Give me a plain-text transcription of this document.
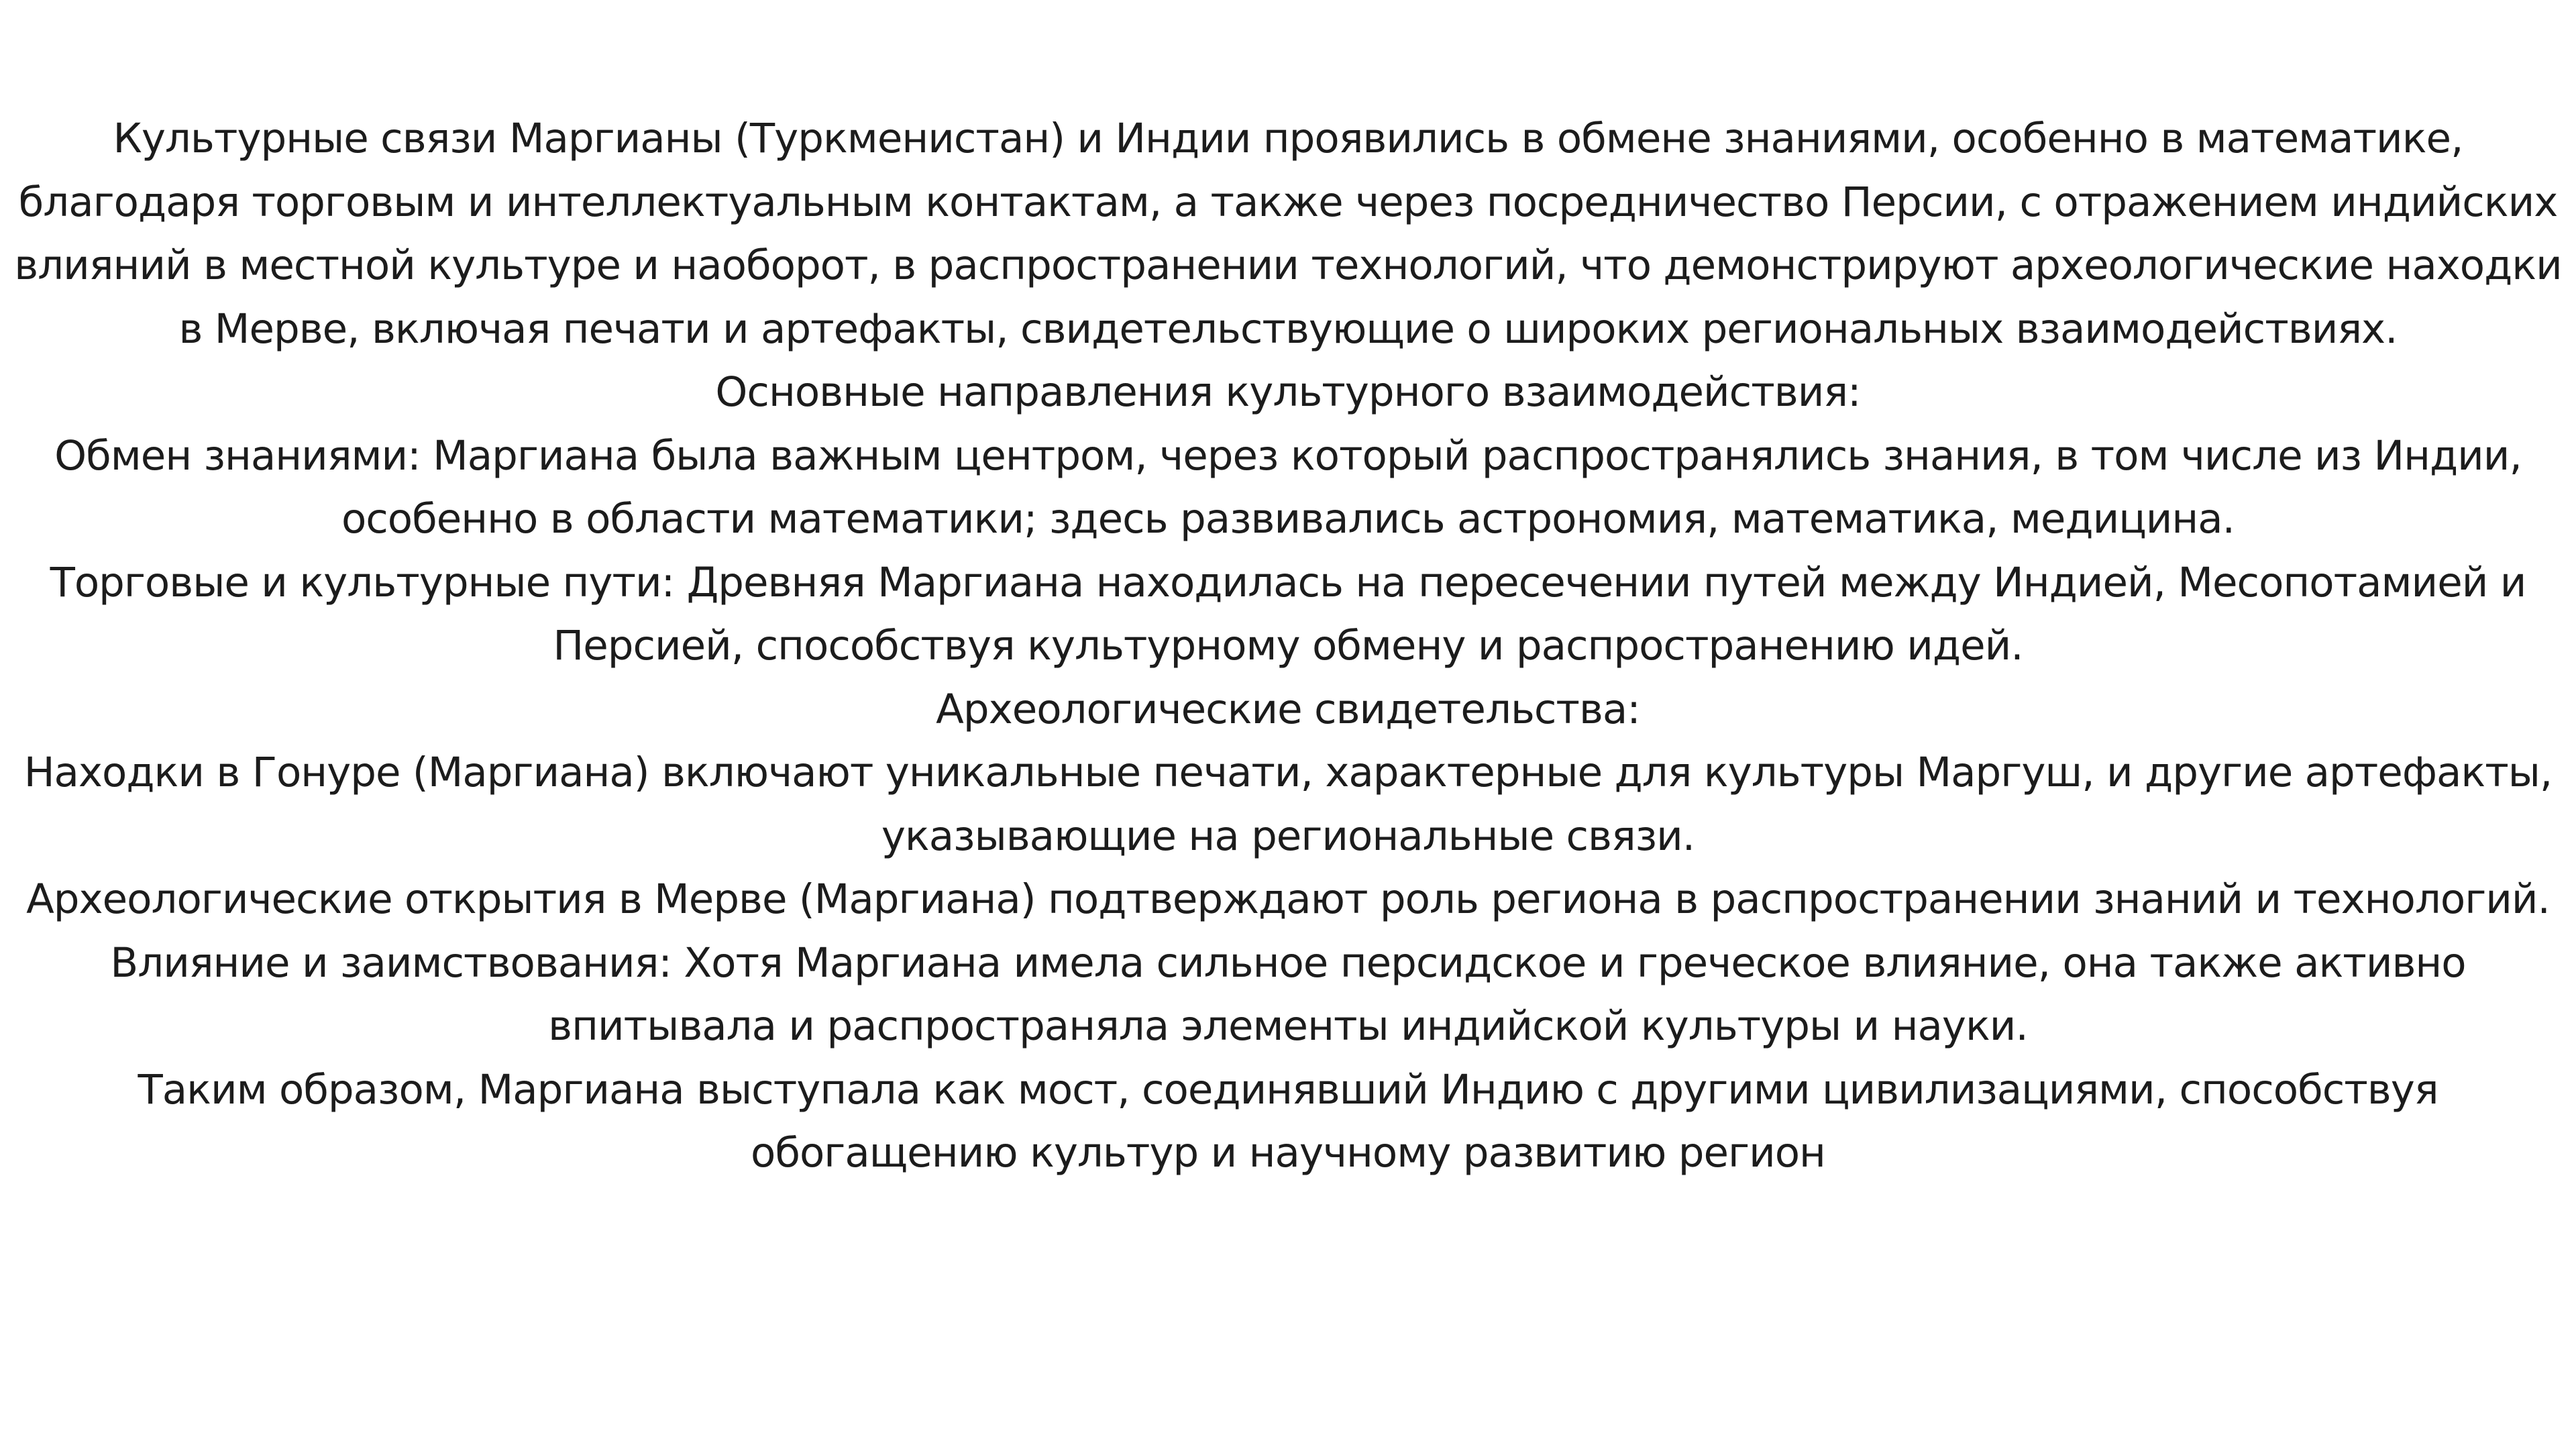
Культурные связи Маргианы (Туркменистан) и Индии проявились в обмене знаниями, особенно в математике, благодаря торговым и интеллектуальным контактам, а также через посредничество Персии, с отражением индийских влияний в местной культуре и наоборот, в распространении технологий, что демонстрируют археологические находки в Мерве, включая печати и артефакты, свидетельствующие о широких региональных взаимодействиях.

Основные направления культурного взаимодействия:

Обмен знаниями: Маргиана была важным центром, через который распространялись знания, в том числе из Индии, особенно в области математики; здесь развивались астрономия, математика, медицина.

Торговые и культурные пути: Древняя Маргиана находилась на пересечении путей между Индией, Месопотамией и Персией, способствуя культурному обмену и распространению идей.

Археологические свидетельства:

Находки в Гонуре (Маргиана) включают уникальные печати, характерные для культуры Маргуш, и другие артефакты, указывающие на региональные связи.

Археологические открытия в Мерве (Маргиана) подтверждают роль региона в распространении знаний и технологий.

Влияние и заимствования: Хотя Маргиана имела сильное персидское и греческое влияние, она также активно впитывала и распространяла элементы индийской культуры и науки.

Таким образом, Маргиана выступала как мост, соединявший Индию с другими цивилизациями, способствуя обогащению культур и научному развитию регион
